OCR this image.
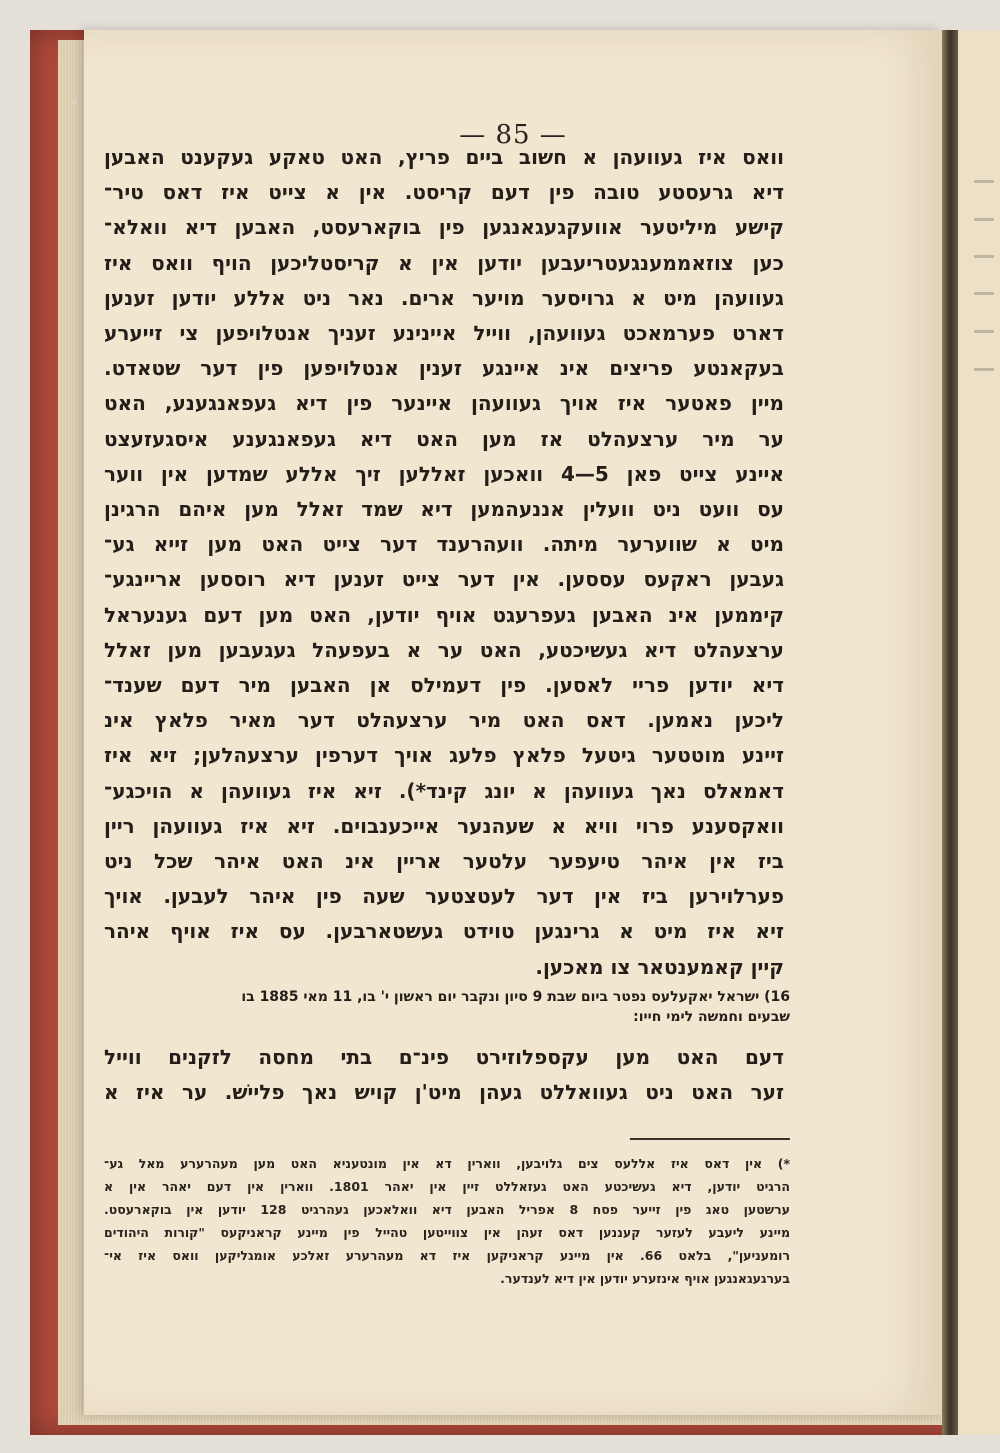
— 85 —
וואס איז געוועהן א חשוב ביים פריץ, האט טאקע געקענט האבען
דיא גרעסטע טובה פין דעם קריסט. אין א צייט איז דאס טיר־
קישע מיליטער אוועקגעגאנגען פין בוקארעסט, האבען דיא וואלא־
כען צוזאממענגעטריעבען יודען אין א קריסטליכען הויף וואס איז
געוועהן מיט א גרויסער מויער ארים. נאר ניט אללע יודען זענען
דארט פערמאכט געוועהן, ווייל איינינע זעניך אנטלויפען צי זייערע
בעקאנטע פריצים אינ איינגע זענין אנטלויפען פין דער שטאדט.
מיין פאטער איז אויך געוועהן איינער פין דיא געפאנגענע, האט
ער מיר ערצעהלט אז מען האט דיא געפאנגענע איסגעזעצט
איינע צייט פאן 5—4 וואכען זאללען זיך אללע שמדען אין ווער
עס וועט ניט וועלין אננעהמען דיא שמד זאלל מען איהם הרגינן
מיט א שווערער מיתה. וועהרענד דער צייט האט מען זייא גע־
געבען ראקעס עססען. אין דער צייט זענען דיא רוססען אריינגע־
קיממען אינ האבען געפרעגט אויף יודען, האט מען דעם גענעראל
ערצעהלט דיא געשיכטע, האט ער א בעפעהל געגעבען מען זאלל
דיא יודען פריי לאסען. פין דעמילס אן האבען מיר דעם שענד־
ליכען נאמען. דאס האט מיר ערצעהלט דער מאיר פלאץ אינ
זיינע מוטטער גיטעל פלאץ פלעג אויך דערפין ערצעהלען; זיא איז
דאמאלס נאך געוועהן א יונג קינד*). זיא איז געוועהן א הויכגע־
וואקסענע פרוי וויא א שעהנער אייכענבוים. זיא איז געוועהן ריין
ביז אין איהר טיעפער עלטער אריין אינ האט איהר שכל ניט
פערלוירען ביז אין דער לעטצטער שעה פין איהר לעבען. אויך
זיא איז מיט א גרינגען טוידט געשטארבען. עס איז אויף איהר
קיין קאמענטאר צו מאכען.
16) ישראל יאקעלעס נפטר ביום שבת 9 סיון ונקבר יום ראשון י' בו, 11 מאי 1885 בו
שבעים וחמשה לימי חייו:
דעם האט מען עקספלוזירט פינ־ם בתי מחסה לזקנים ווייל
זער האט ניט געוואללט געהן מיט'ן קויש נאך פליישׁ. ער איז א
*) אין דאס איז אללעס צים גלויבען, ווארין דא אין מונטעניא האט מען מעהרערע מאל גע־
הרגיט יודען, דיא געשיכטע האט געזאללט זיין אין יאהר 1801. ווארין אין דעם יאהר אין א
ערשטען טאג פין זייער פסח 8 אפריל האבען דיא וואלאכען געהרגיט 128 יודען אין בוקארעסט.
מיינע ליעבע לעזער קעננען דאס זעהן אין צווייטען טהייל פין מיינע קראניקעס "קורות היהודים
רומעניען", בלאט 66. אין מיינע קראניקען איז דא מעהרערע זאלכע אומגליקען וואס איז אי־
בערגעגאנגען אויף אינזערע יודען אין דיא לענדער.
